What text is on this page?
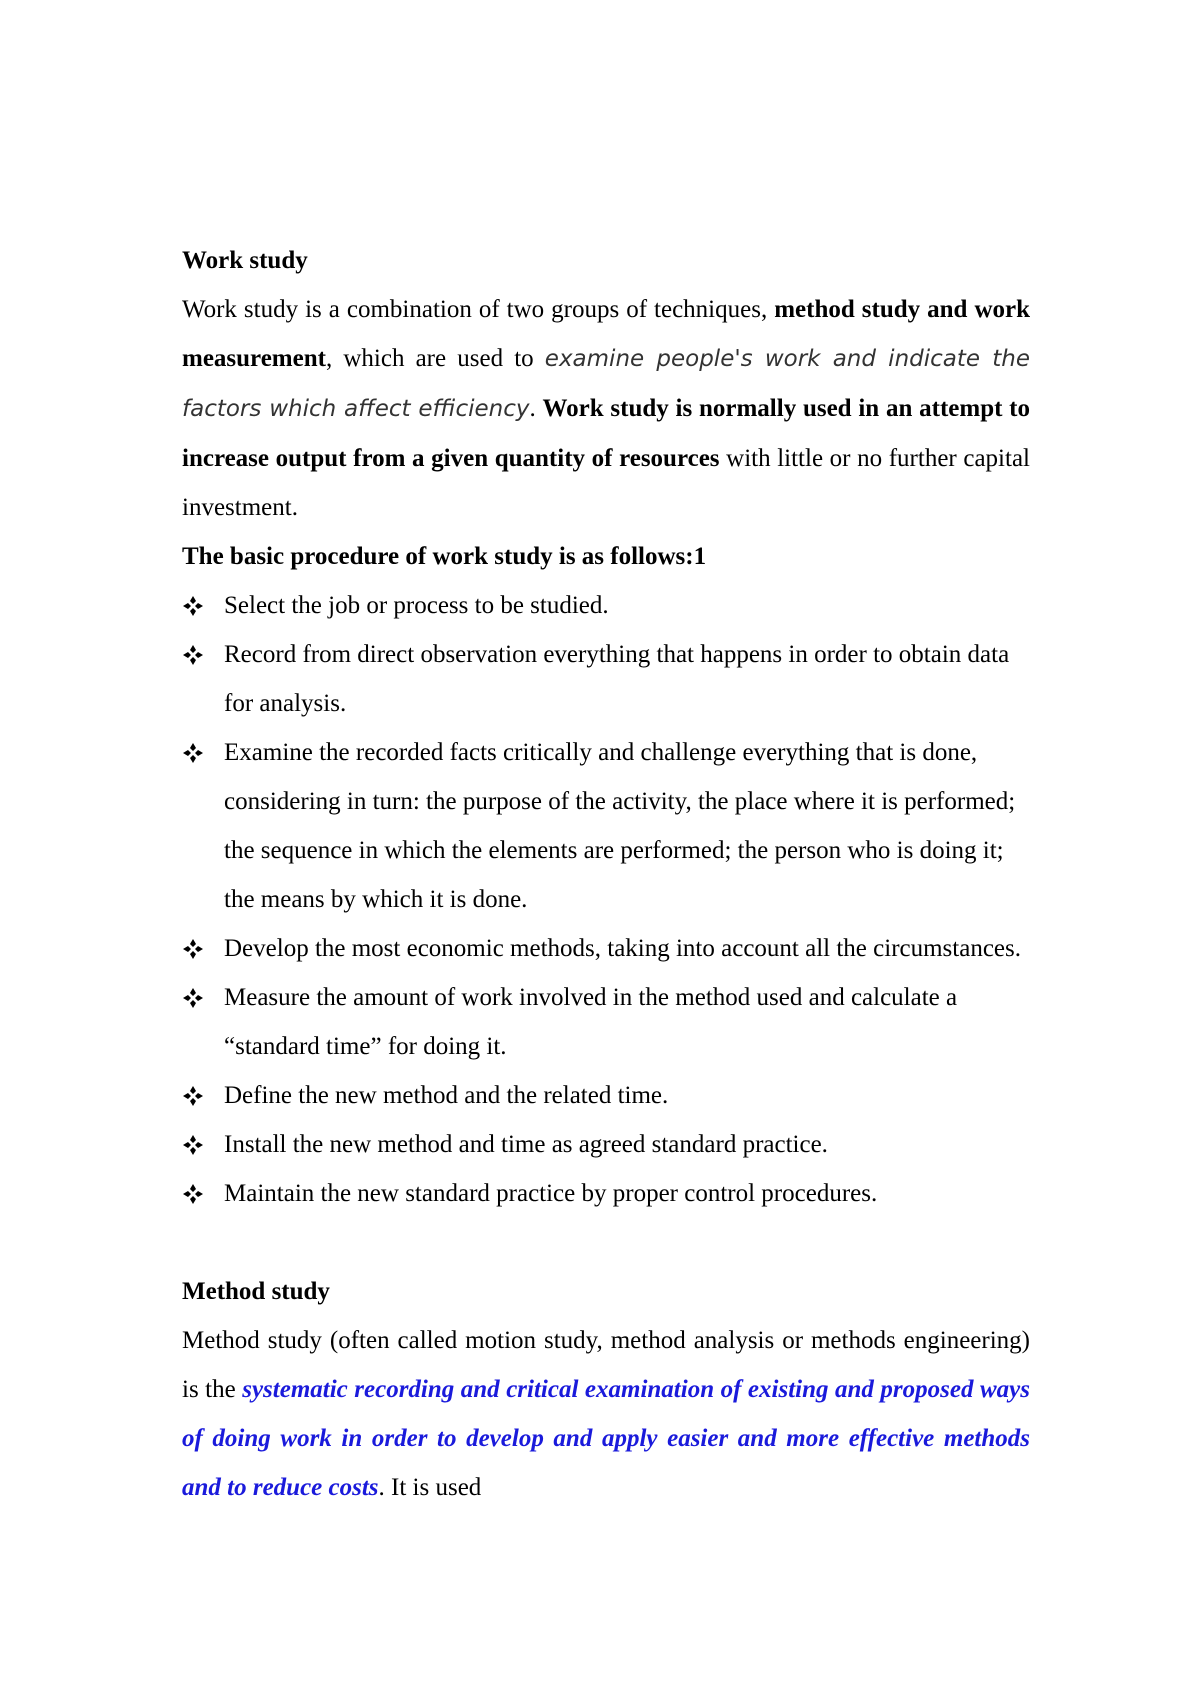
Work study

Work study is a combination of two groups of techniques, method study and work measurement, which are used to examine people's work and indicate the factors which affect efficiency. Work study is normally used in an attempt to increase output from a given quantity of resources with little or no further capital investment.

The basic procedure of work study is as follows:1

Select the job or process to be studied.
Record from direct observation everything that happens in order to obtain data for analysis.
Examine the recorded facts critically and challenge everything that is done, considering in turn: the purpose of the activity, the place where it is performed; the sequence in which the elements are performed; the person who is doing it; the means by which it is done.
Develop the most economic methods, taking into account all the circumstances.
Measure the amount of work involved in the method used and calculate a “standard time” for doing it.
Define the new method and the related time.
Install the new method and time as agreed standard practice.
Maintain the new standard practice by proper control procedures.

Method study

Method study (often called motion study, method analysis or methods engineering) is the systematic recording and critical examination of existing and proposed ways of doing work in order to develop and apply easier and more effective methods and to reduce costs. It is used
